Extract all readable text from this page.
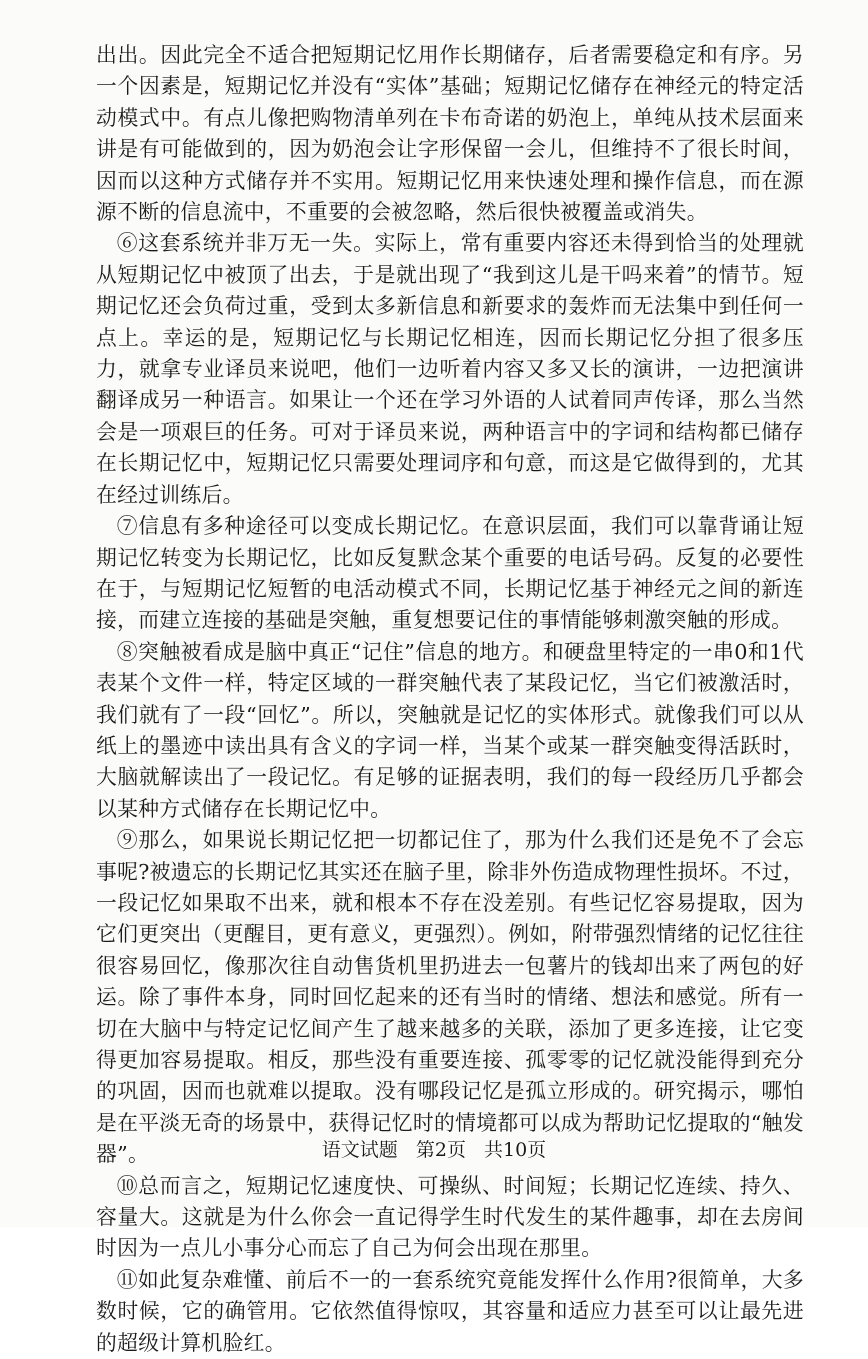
出出。因此完全不适合把短期记忆用作长期储存，后者需要稳定和有序。另一个因素是，短期记忆并没有“实体”基础；短期记忆储存在神经元的特定活动模式中。有点儿像把购物清单列在卡布奇诺的奶泡上，单纯从技术层面来讲是有可能做到的，因为奶泡会让字形保留一会儿，但维持不了很长时间，因而以这种方式储存并不实用。短期记忆用来快速处理和操作信息，而在源源不断的信息流中，不重要的会被忽略，然后很快被覆盖或消失。

⑥这套系统并非万无一失。实际上，常有重要内容还未得到恰当的处理就从短期记忆中被顶了出去，于是就出现了“我到这儿是干吗来着”的情节。短期记忆还会负荷过重，受到太多新信息和新要求的轰炸而无法集中到任何一点上。幸运的是，短期记忆与长期记忆相连，因而长期记忆分担了很多压力，就拿专业译员来说吧，他们一边听着内容又多又长的演讲，一边把演讲翻译成另一种语言。如果让一个还在学习外语的人试着同声传译，那么当然会是一项艰巨的任务。可对于译员来说，两种语言中的字词和结构都已储存在长期记忆中，短期记忆只需要处理词序和句意，而这是它做得到的，尤其在经过训练后。

⑦信息有多种途径可以变成长期记忆。在意识层面，我们可以靠背诵让短期记忆转变为长期记忆，比如反复默念某个重要的电话号码。反复的必要性在于，与短期记忆短暂的电活动模式不同，长期记忆基于神经元之间的新连接，而建立连接的基础是突触，重复想要记住的事情能够刺激突触的形成。

⑧突触被看成是脑中真正“记住”信息的地方。和硬盘里特定的一串0和1代表某个文件一样，特定区域的一群突触代表了某段记忆，当它们被激活时，我们就有了一段“回忆”。所以，突触就是记忆的实体形式。就像我们可以从纸上的墨迹中读出具有含义的字词一样，当某个或某一群突触变得活跃时，大脑就解读出了一段记忆。有足够的证据表明，我们的每一段经历几乎都会以某种方式储存在长期记忆中。

⑨那么，如果说长期记忆把一切都记住了，那为什么我们还是免不了会忘事呢?被遗忘的长期记忆其实还在脑子里，除非外伤造成物理性损坏。不过，一段记忆如果取不出来，就和根本不存在没差别。有些记忆容易提取，因为它们更突出（更醒目，更有意义，更强烈）。例如，附带强烈情绪的记忆往往很容易回忆，像那次往自动售货机里扔进去一包薯片的钱却出来了两包的好运。除了事件本身，同时回忆起来的还有当时的情绪、想法和感觉。所有一切在大脑中与特定记忆间产生了越来越多的关联，添加了更多连接，让它变得更加容易提取。相反，那些没有重要连接、孤零零的记忆就没能得到充分的巩固，因而也就难以提取。没有哪段记忆是孤立形成的。研究揭示，哪怕是在平淡无奇的场景中，获得记忆时的情境都可以成为帮助记忆提取的“触发器”。

⑩总而言之，短期记忆速度快、可操纵、时间短；长期记忆连续、持久、容量大。这就是为什么你会一直记得学生时代发生的某件趣事，却在去房间时因为一点儿小事分心而忘了自己为何会出现在那里。

⑪如此复杂难懂、前后不一的一套系统究竟能发挥什么作用?很简单，大多数时候，它的确管用。它依然值得惊叹，其容量和适应力甚至可以让最先进的超级计算机脸红。

语文试题 第2页 共10页
